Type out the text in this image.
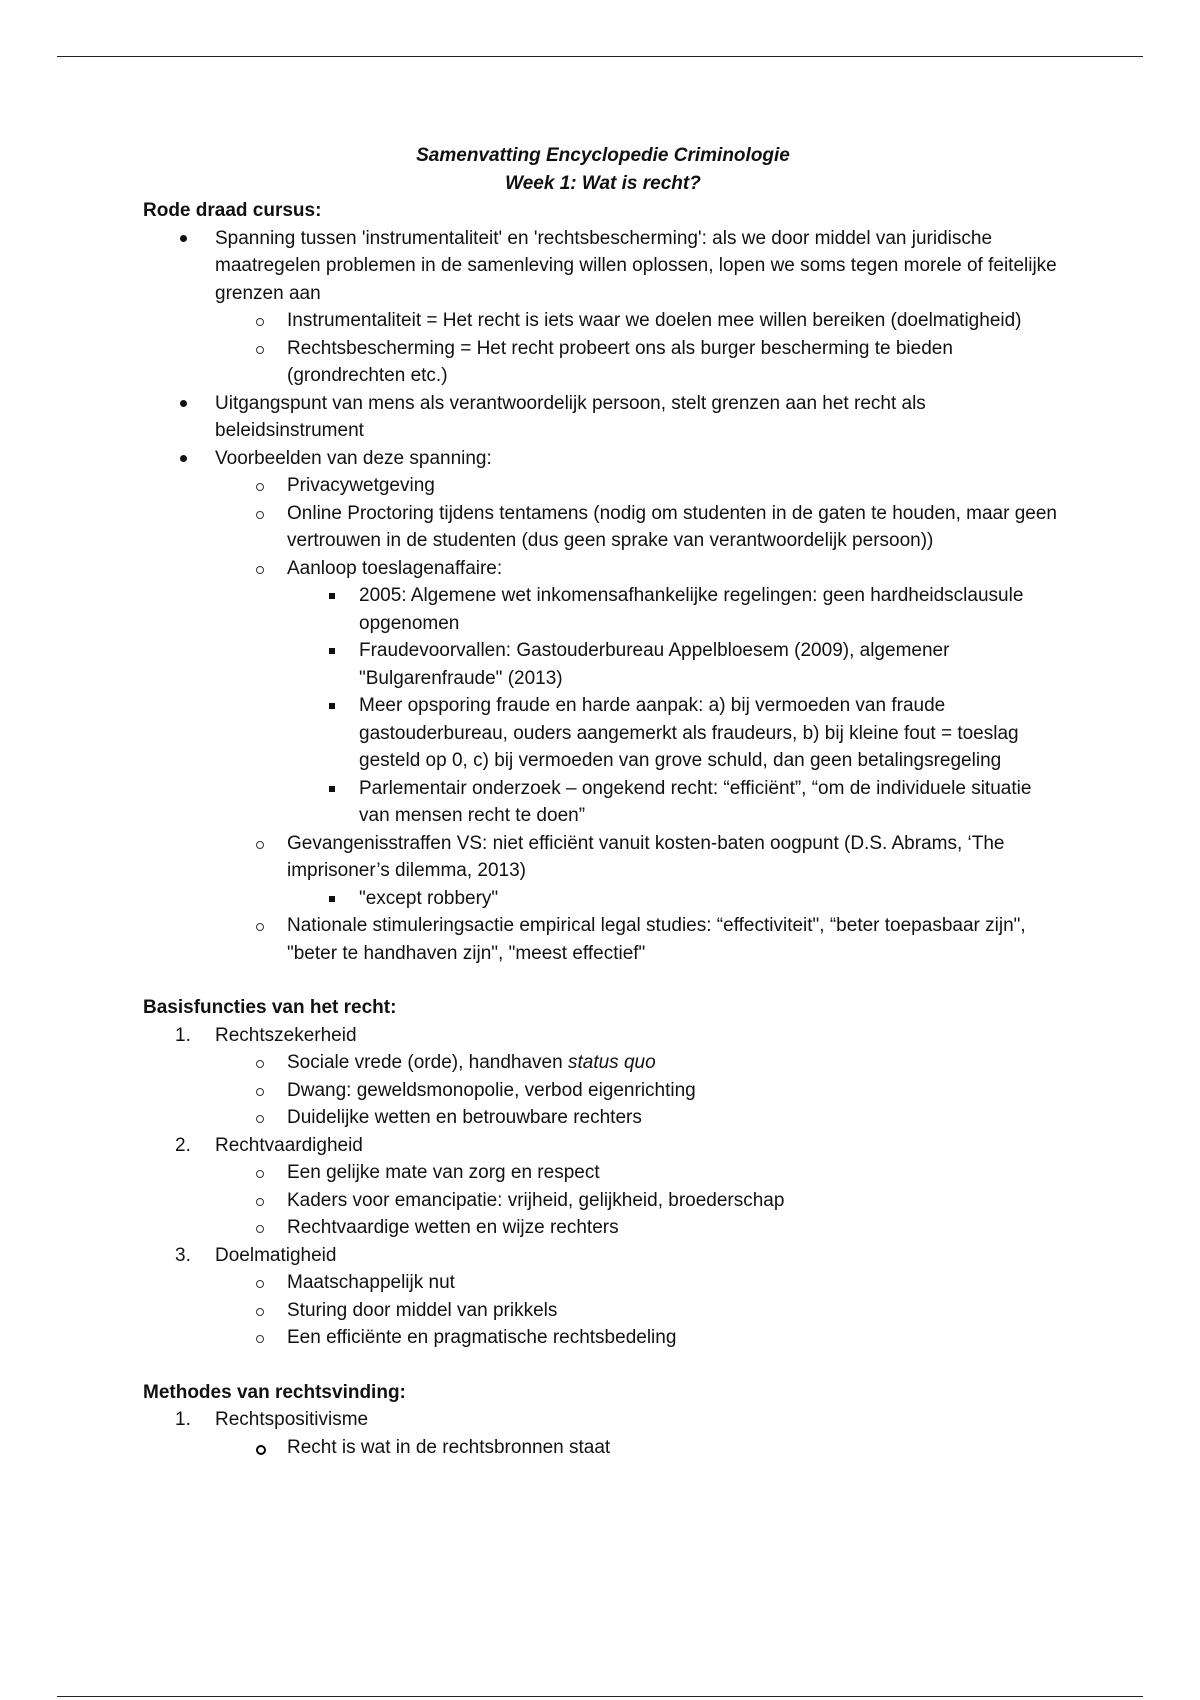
Samenvatting Encyclopedie Criminologie
Week 1: Wat is recht?
Rode draad cursus:
Spanning tussen 'instrumentaliteit' en 'rechtsbescherming': als we door middel van juridische maatregelen problemen in de samenleving willen oplossen, lopen we soms tegen morele of feitelijke grenzen aan
Instrumentaliteit = Het recht is iets waar we doelen mee willen bereiken (doelmatigheid)
Rechtsbescherming = Het recht probeert ons als burger bescherming te bieden (grondrechten etc.)
Uitgangspunt van mens als verantwoordelijk persoon, stelt grenzen aan het recht als beleidsinstrument
Voorbeelden van deze spanning:
Privacywetgeving
Online Proctoring tijdens tentamens (nodig om studenten in de gaten te houden, maar geen vertrouwen in de studenten (dus geen sprake van verantwoordelijk persoon))
Aanloop toeslagenaffaire:
2005: Algemene wet inkomensafhankelijke regelingen: geen hardheidsclausule opgenomen
Fraudevoorvallen: Gastouderbureau Appelbloesem (2009), algemener "Bulgarenfraude" (2013)
Meer opsporing fraude en harde aanpak: a) bij vermoeden van fraude gastouderbureau, ouders aangemerkt als fraudeurs, b) bij kleine fout = toeslag gesteld op 0, c) bij vermoeden van grove schuld, dan geen betalingsregeling
Parlementair onderzoek – ongekend recht: “efficiënt”, “om de individuele situatie van mensen recht te doen”
Gevangenisstraffen VS: niet efficiënt vanuit kosten-baten oogpunt (D.S. Abrams, ‘The imprisoner’s dilemma, 2013)
"except robbery"
Nationale stimuleringsactie empirical legal studies: “effectiviteit", “beter toepasbaar zijn", "beter te handhaven zijn", "meest effectief"
Basisfuncties van het recht:
1.	Rechtszekerheid
Sociale vrede (orde), handhaven status quo
Dwang: geweldsmonopolie, verbod eigenrichting
Duidelijke wetten en betrouwbare rechters
2.	Rechtvaardigheid
Een gelijke mate van zorg en respect
Kaders voor emancipatie: vrijheid, gelijkheid, broederschap
Rechtvaardige wetten en wijze rechters
3.	Doelmatigheid
Maatschappelijk nut
Sturing door middel van prikkels
Een efficiënte en pragmatische rechtsbedeling
Methodes van rechtsvinding:
1.	Rechtspositivisme
Recht is wat in de rechtsbronnen staat
